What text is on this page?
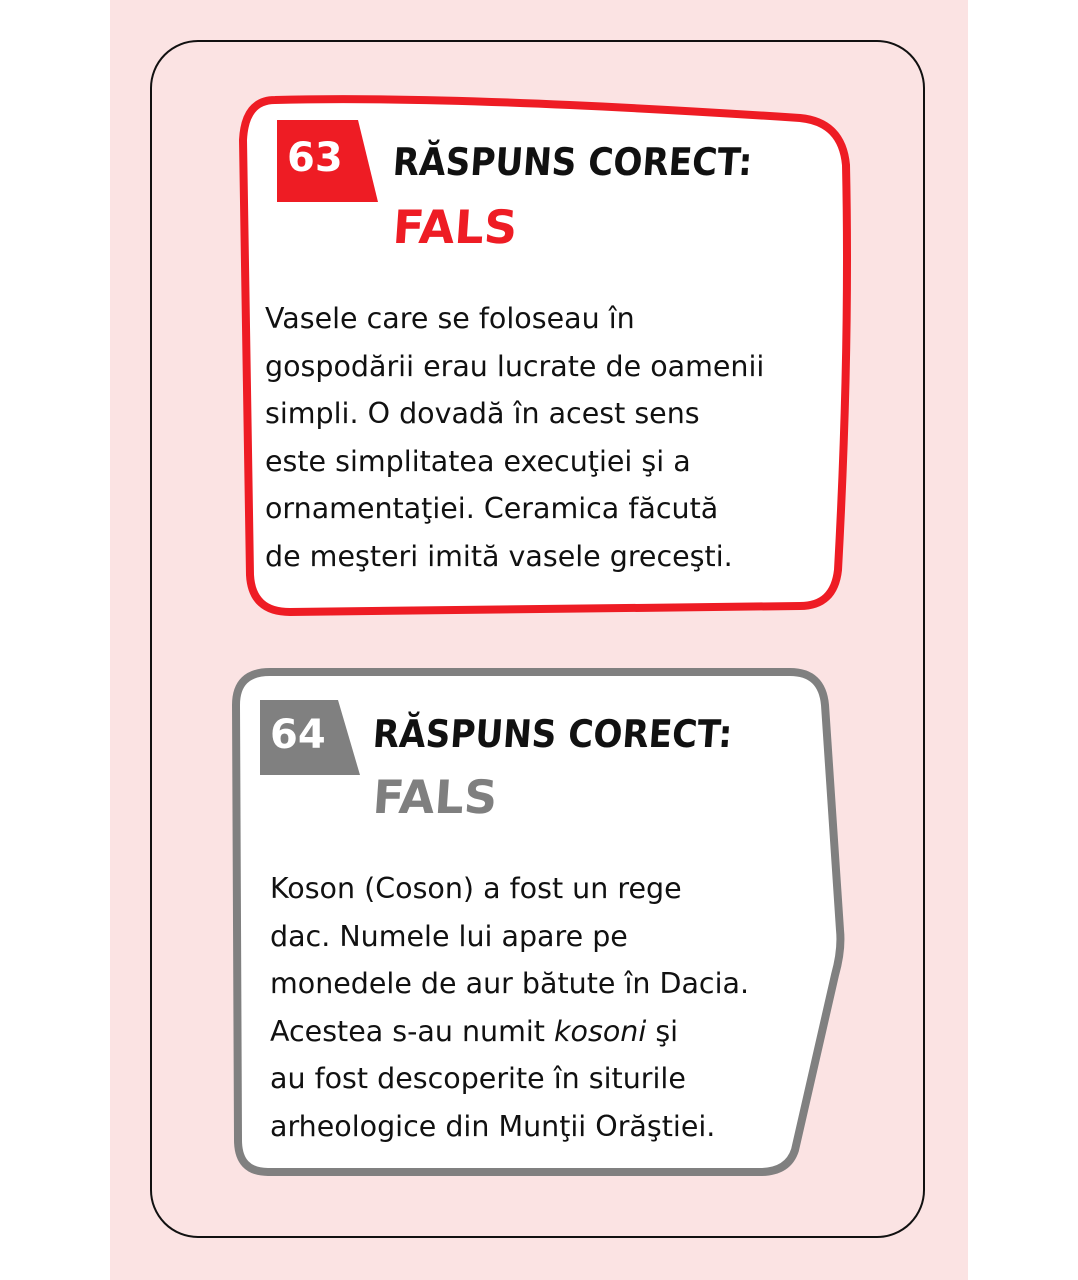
63 RĂSPUNS CORECT:
FALS
Vasele care se foloseau în
gospodării erau lucrate de oamenii
simpli. O dovadă în acest sens
este simplitatea execuţiei şi a
ornamentaţiei. Ceramica făcută
de meşteri imită vasele greceşti.
64 RĂSPUNS CORECT:
FALS
Koson (Coson) a fost un rege
dac. Numele lui apare pe
monedele de aur bătute în Dacia.
Acestea s-au numit kosoni şi
au fost descoperite în siturile
arheologice din Munţii Orăştiei.
